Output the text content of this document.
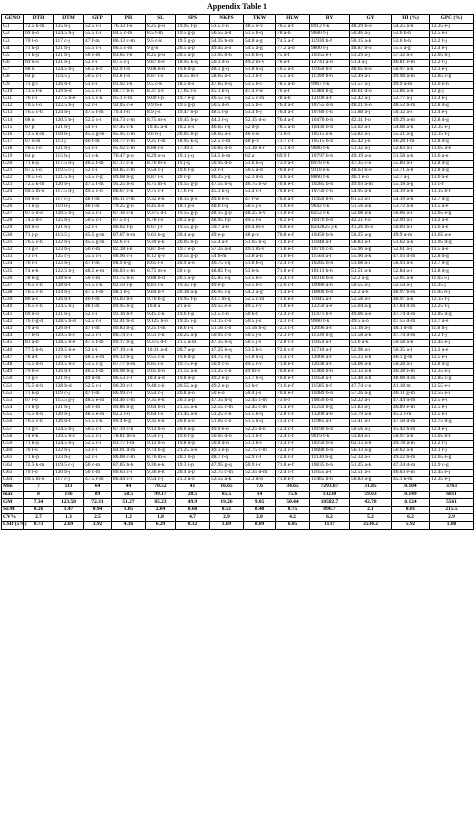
Appendix Table 1
GENO	DTH	DTM	GFP	PH	SL	SPS	NKPS	TKW	HLW	BY	GY	HI (%)	GPC (%)
G1	72.5 k-m	125 b-j	52.5 c-i	76.33 l-o	8.25 p-u	19.95 f-p	51.5 c-n	48.5 o-v	76.5 a-f	8912 f-k	48.29 b-o	54.25 a-h	12.35 e-j
G2	69 n-o	124.5 b-j	55.5 c-i	84.5 c-m	8.5 f-m	19.5 g-p	56.55 a-d	51.5 h-q	78 a-b	9680 f-j	50.46 a-j	53.6 b-h	12.5 e-i
G3	70 l-o	117 c-j	47 f-m	86.13 c-m	9.5 c-k	19.5 g-p	54.35 b-m	54.8 a-g	74.5 a-f	11930 b-f	56.15 a-k	53.6 b-h	12.2 f-j
G4	71 k-p	121 b-j	55.5 c-i	86.5 c-m	9 g-n	20.5 a-p	49.45 a-o	54.5 a-g	77.2 a-b	9800 f-j	48.87 b-o	55.5 a-g	12.4 e-j
G5	71 k-p	121 b-j	50 c-m	83.65 i-n	8.25 p-u	20.5 a-p	51.95 b-n	51.6 h-q	75 a-f	10355 e-i	51.29 a-j	57.32 a-c	12.05 h-j
G6	69 n-o	121 b-j	52 c-i	87.5 c-j	9.87 b-e	18.95 k-q	50.3 d-o	49.2 m-v	76 a-f	12741 a-d	51.4 a-j	46.81 e-m	12.2 f-j
G7	68 o	124.5 b-j	56.5 b-f	82.9 f-n	9.68 b-h	19.8 d-p	48.1 g-q	51.8 h-q	76.5 a-f	11950 b-f	48.65 b-o	50.97 a-k	12.3 e-j
G8	64 p	114.5 j	50.5 c-l	83.8 f-n	8.87 l-s	18.55 m-r	58.65 a-c	51.3 h-r	75.5 a-f	11390 b-h	52.49 a-i	49.98 a-m	12.85 c-g
G9	73 g-l	126 b-f	53 c-i	81.92 i-n	9.5 c-k	18.5 n-s	47.65 h-q	53.5 b-i	78.5 a-b	9967 f-k	51.57 a-j	49.9 a-m	12.6 e-h
G10	73.5 f-k	129 b-d	55.5 c-i	88.77 b-h	8.37 o-t	17.65 r-s	45.1 k-q	47.4 r-w	76 a-f	11480 b-g	46.61 d-o	53.86 a-h	12 g-j
G11	76 c-i	127.5 b-e	51.5 c-k	85.1 c-m	9.09 i-p	19.7 e-p	46.55 i-q	52.5 c-m	78 a-b	12100 a-f	52.42 a-j	52.77 a-j	12.4 e-j
G12	70.5 l-o	122.5 b-j	52 c-i	92.05 c-e	9.9 b-e	19.5 g-p	50.5 d-o	53.5 b-i	76.4 a-f	10755 d-h	48.21 b-o	48.52 b-m	12.8 d-g
G13	76.5 c-h	124 b-j	47.5 f-m	79.4 l-n	8.9 j-s	19.47 h-p	48.5 f-p	53.4 b-j	76.4 a-f	10780 c-h	51.88 a-j	50.32 a-l	12.4 e-j
G14	68 o	120.5 b-j	52.5 c-i	84.73 c-m	8.75 m-s	19.45 h-p	44.3 l-q	52.15 d-o	76.4 a-f	10476 b-h	42.31 f-o	49.29 a-m	12.8 d-g
G15	67 p	121 b-j	54 c-i	87.45 c-k	10.45 a-d	18.2 o-s	46.65 i-q	52 d-p	78.5 a-b	10430 b-h	53.02 a-i	54.08 a-h	12.35 e-j
G16	72.5 k-m	118 b-j	45.5 g-m	85.95 c-m	9.6 b-j	20.05 b-p	58.65 a-c	46 s-w	73 b-f	10515 e-k	53.82 a-i	55.21 a-g	12.15 f-j
G17	67 o-m	113 j	46 f-m	84.77 c-m	9.25 f-m	18.95 k-q	52.5 c-m	48 p-v	71.7 c-f	10515 b-h	45.42 j-o	46.28 f-m	12.8 d-g
G18	70.5 l-o	121 b-j	53 c-i	85.92 c-m	8.88 l-s	17.49 s	50.85 d-o	51.36 h-r	71.1 d-f	9680 f-k	51.32 a-j	52.83 a-i	13.65 a-e
G19	64 p	115 h-j	51 c-k	76.47 p-o	8.29 o-u	19.1 j-q	54.5 b-m	62 a	69.9 f	10797 b-h	49.19 a-o	51.58 a-k	13.6 a-e
G20	71 k-p	117.5 d-j	46.5 f-m	87.17 c-k	8.76 m-s	19 j-q	50.95 d-o	51.6 h-q	73.9 a-f	8978 f-k	47.35 c-o	55.89 a-f	12.8 d-g
G21	67.5 l-o	119.5 c-j	52 c-i	84.85 c-m	9.54 c-j	19.6 f-p	53 c-l	56.5 a-d	70.8 e-f	9110 e-k	48.63 b-o	53.71 a-h	12.8 d-g
G22	70.5 l-o	121.5 b-j	53.5 c-g	89.68 b-g	8.87 l-s	20 c-p	46.25 j-q	52.3 d-n	74.6 a-f	8860 f-k	46.1 e-o	52.7 a-j	13.6 a-e
G23	72.5 k-m	120 b-j	47.5 f-m	95.25 b-d	8.75 m-s	19.55 g-p	47.55 h-q	46.75 b-w	70.8 e-f	10285 b-h	49.93 a-m	55.18 a-g	13 c-f
G24	69.5 m-o	117.5 d-j	49.5 c-n	86.67 c-k	9.75 c-f	17.6 r-s	45.3 k-q	53.4 c-l	70.8 e-f	10750 c-h	54.95 a-h	54.19 a-h	13.15 b-f
G25	69 n-o	117 c-j	48 f-m	86.11 c-m	9.32 e-k	18.15 p-s	49.6 e-o	47 r-w	76.6 a-f	11450 b-h	61.53 a-i	54.19 a-h	12.7 d-g
G26	71 k-p	119 b-j	48 f-m	79.25 g-n	8.45 n-s	18.1 p-s	48.6 f-q	50.5 j-s	71.6 e-f	9642 f-k	51.56 a-k	53.72 a-h	13.5 a-e
G27	67.5 n-o	120.5 b-j	52.5 c-i	87.16 c-k	9.375 d-i	19.55 g-p	48.15 g-p	48.25 n-v	71.8 e-f	8252 f-k	52.08 a-k	56.06 a-f	12.65 e-g
G28	74.5 d-l	125 b-j	50.5 c-l	87.5 c-j	8.78 l-s	20.3 a-p	48.95 f-p	49.5 l-s	70.2 e-f	10476 b-h	42.31 f-o	52.99 a-i	13.2 a-e
G29	69 n-o	121 b-j	52 c-i	80.02 f-p	8.67 j-t	19.55 g-p	59.7 a-b	49.4 m-v	70.8 e-f	8242825 j-k	41.26 m-o	50.09 a-l	13.6 a-e
G30	71 j-p	113.5 j	45.5 g-m	87.67 b-m	9.61 b-g	20.4 a-p	49 e-p	48 p-v	70.8 e-f	10450 b-h	56.25 a-g	49.9 a-m	13.65 a-e
G31	76.5 c-h	122 b-j	45.5 g-m	92.6 c-i	9.39 e-k	20.05 b-p	55.4 a-f	51.65 h-q	71.8 e-f	11848 a-f	58.83 a-f	51.62 a-k	12.95 d-g
G32	73 g-l	123 b-j	50 c-m	82.18 i-n	9.87 b-e	19.7 e-p	57.35 a-d	49.1 m-v	71.8 e-f	10710 c-h	55.96 a-g	52.61 a-j	13.5 a-e
G33	73 c-l	125 c-j	55.5 c-i	80.96 c-l	8.12 q-v	19.55 g-p	54 b-m	53.8 a-h	71.6 e-f	11564 a-f	55.96 a-k	47.93 d-m	12.8 d-g
G34	76 c-i	123 b-j	47 f-m	88.9 b-g	8.65 l-s	20.9 a-o	46.75 i-q	51.8 h-q	72.4 c-f	10285 b-h	51.68 a-i	56.93 a-e	12.7 d-g
G35	74 e-k	122.5 b-j	48.5 e-m	86.03 c-m	8.75 m-s	20 c-p	48.85 f-q	53 b-k	71.8 e-f	10113 b-h	51.51 a-k	52.84 a-i	12.8 d-g
G36	78 b-g	128 b-e	50 c-m	81.75 h-n	9.88 b-d	20.5 a-p	45.85 i-q	53.5 b-i	72.4 c-f	10310 b-h	52.2 a-g	52.05 a-k	11.65 i-j
G37	76.5 c-h	128 b-f	51.5 c-k	82.59 i-p	8.81 l-s	19.35 i-p	49 e-p	53.5 b-i	72.6 c-f	10980 a-h	50.55 a-j	52.54 a-j	11.35 j
G38	76.5 c-h	124 b-j	47.5 f-m	88.1 b-j	9.84 b-f	20.18 a-p	46.95 i-q	54.2 a-g	71.4 e-f	10800 b-h	52.2 a-k	48.97 b-m	11.85 h-j
G39	80 a-c	126 b-f	46 f-m	91.03 b-f	9.76 b-g	19.95 f-p	43.7 m-q	52.5 c-m	71.6 e-f	11845 a-f	52.58 a-i	48.97 a-k	12.15 f-j
G40	76.5 c-h	124.5 b-j	48 f-m	89.95 b-g	10.8 a	21 a-o	49.55 e-o	49.5 l-v	71.8 e-f	12250 a-e	55.04 a-g	47.84 d-m	12.25 f-j
G41	69 n-o	121 b-j	52 c-i	91.16 b-f	9.45 c-k	19.6 f-p	51.5 c-n	50 k-t	72.4 c-f	11471 b-f	49.06 a-o	47.74 d-m	12.85 d-g
G42	76 c-g-d	128.5 b-d	52.5 c-i	92.41 b-d	9.125 h-o	19.35 i-p	51.15 c-o	50.5 j-s	72.3 c-f	9960 f-k	49.5 a-o	47.55 d-m	13.7 a-e
G43	79 a-d	126 b-f	47 f-m	89.83 b-g	9.25 f-m	18.6 l-s	51.56 c-n	51.56 h-q	72.3 c-f	12096 a-f	51.18 a-j	48.1 d-m	11.8 h-j
G44	77 b-h	129.5 b-c	52.5 c-i	86.74 c-l	9.51 c-k	20.25 a-p	50.95 c-o	50.5 j-s	72.3 c-f	11330 b-g	51.58 a-k	47.74 d-m	12.2 f-j
G45	81 a-b	128.5 b-e	47.5 f-m	89.17 b-g	9.375 d-i	21.5 a-m	47.35 h-q	50.5 j-s	72.8 c-f	11854 a-f	51.6 a-k	50.58 a-k	12.45 e-j
G46	77.5 b-h	129.5 b-e	52 c-i	87.19 c-k	10.31 a-d	20.7 a-p	47.25 h-q	53.5 b-i	72.6 c-f	11710 a-f	52.98 a-i	50.35 a-l	13.3 a-e
G47	78 a-f	127 b-f	48.5 e-m	89.33 b-g	9.55 c-k	19.8 d-p	44.75 l-q	51.8 h-q	73.4 c-f	12000 a-f	55.23 a-h	46.1 g-m	12.5 e-i
G48	75.5 d-h	129.5 b-c	53.5 c-g	87.77 b-m	8.85 l-s	19.75 e-p	50.9 c-o	49.5 l-v	71.8 e-f	12038 a-f	54.06 a-h	50.28 a-l	12.8 d-g
G49	79 b-e	126 b-f	46.5 f-m	89.98 b-g	9.65 b-h	21.55 a-k	51.25 c-n	49 m-v	70.8 e-f	11460 b-h	53.33 a-h	46.38 e-m	12.35 e-j
G50	73 g-l	121 b-j	49 d-m	86.53 c-l	10.4 a-d	19.8 d-p	49.2 e-p	51.7 h-q	70.8 e-f	11658 a-f	53.48 a-h	48.08 d-m	12.85 c-g
G51	75.5 d-h	128 b-d	52.5 c-i	86.39 c-l	9.48 c-k	20.55 a-p	49.2 e-p	51 h-r	71.6 e-f	11585 b-f	47.74 c-o	41.18 m	12.55 e-i
G52	71 k-p	119 c-j	47 f-m	86.99 c-l	9.54 c-j	20.8 a-o	50 e-o	50.4 j-s	70.8 e-f	10489 b-h	57.26 a-g	46.11 g-m	12.55 e-i
G53	67 l-o	115.5 g-j	48.5 e-m	84.46 c-m	9.35 e-k	20.3 a-p	47.35 h-q	52.45 c-m	73 b-f	10850 b-h	52.22 a-i	47.44 d-m	12.5 e-i
G54	71 k-p	121 b-j	50 c-m	89.86 b-g	9.64 b-h	21.55 a-k	52.55 c-m	52.45 c-m	71.4 e-f	11250 b-g	51.83 a-j	46.89 e-m	12.5 e-i
G55	75.5 d-h	120 b-j	48.5 e-m	82.2 i-n	8.64 l-s	21.45 a-n	51.25 c-n	51.5 h-q	72.8 c-f	13200 a-b	53.79 a-h	45.2 i-m	12.5 e-i
G56	76.5 c-h	126 b-f	51.5 c-k	89.4 b-g	9.32 e-k	20.8 a-o	51.05 c-o	51.5 h-q	73.4 c-f	11985 a-f	53.41 a-i	47.58 d-m	12.75 d-g
G57	73 g-l	124.5 b-j	50.5 c-l	87.19 c-k	9.12 h-o	20.6 a-p	49.9 e-o	52.25 d-n	72.4 c-f	10190 b-h	50.56 a-j	45.42 h-m	12.4 e-j
G58	74 e-k	129.5 b-c	55.5 c-i	78.81 m-o	9.54 c-j	19.6 f-p	50.05 d-o	51.1 h-r	72.4 c-f	9619 f-k	53.84 a-i	50.97 a-k	13.05 b-f
G59	71 k-p	124.5 b-j	52.5 c-i	83.77 f-m	9.12 h-o	19.8 d-p	50.8 d-o	51.3 h-r	73.4 c-f	10250 b-h	62.13 a-b	49.78 a-m	12.2 f-j
G60	70 l-o	122 b-j	53 c-i	84.01 d-m	9.74 b-g	21.25 a-o	49.3 e-p	52.75 c-m	72.4 c-f	10688 b-h	56.13 a-g	50.62 a-k	12.1 f-j
G61	71 k-p	123 b-j	52 c-i	86.08 c-m	8.76 m-s	20.1 b-p	48.7 f-q	52.9 c-l	72.8 c-f	11130 b-g	52.34 a-i	49.22 b-m	12.65 e-g
G62	72.5 k-m	119.5 c-j	50 c-m	87.85 b-k	9.36 e-k	19.3 i-p	47.95 g-q	50.9 i-r	71.8 e-f	10835 b-h	51.25 a-k	47.34 d-m	12.9 c-g
G63	70 l-o	120 b-j	50 c-m	86.63 c-l	9.36 e-k	20.4 a-p	52.75 c-m	52.35 d-m	72.4 c-f	11655 a-f	52.51 a-i	46.63 e-m	12.45 e-j
G64	69.5 m-o	117 c-j	47.5 f-m	86.44 c-l	9.54 c-j	21.3 a-o	53.55 a-k	52.3 d-n	71.8 e-f	11465 b-h	56.83 a-g	45.1 k-m	12.35 e-j
Min	7	113	64	44	70.52	41	16.65	7.6	34.65	7293.67	31.85	0.104	3763
max	8	136	89	58.5	99.17	28.5	65.5	14	75.6	13230	59.63	0.149	6811
GM	7.34	123.58	72.31	51.27	85.23	49.9	19.26	9.05	50.44	10582.7	42.78	0.124	5561
SEM	0.26	1.47	0.94	1.05	2.04	0.68	0.51	0.48	0.75	896.7	2.1	0.01	215.5
CV%	2.7	1.3	2.5	1.2	1.8	4.7	2.9	2.8	4.2	6.2	5.2	6.2	2.9
LSD (5%)	0.73	2.69	3.92	4.16	6.29	8.12	1.69	0.89	6.05	1137	2534.2	5.92	1.08
